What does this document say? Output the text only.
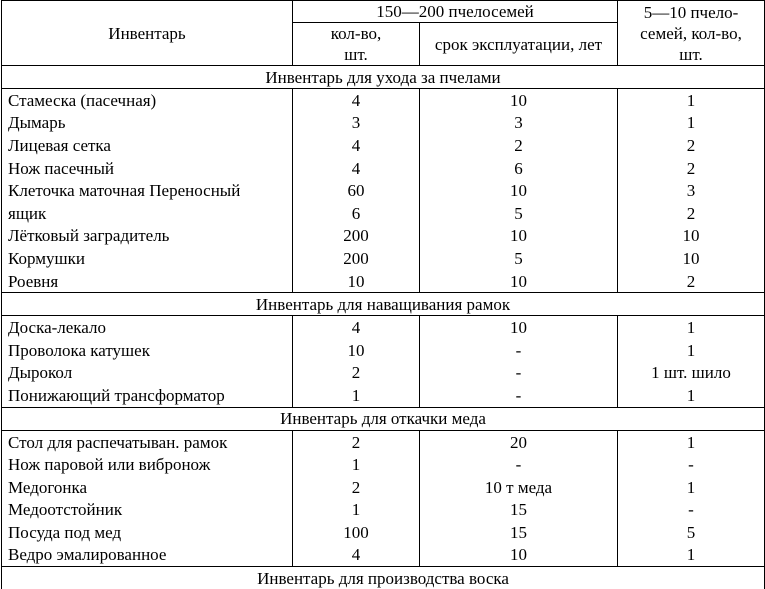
Инвентарь	150—200 пчелосемей		5—10 пчело-семей, кол-во, шт.
	кол-во, шт.	срок эксплуатации, лет	
Инвентарь для ухода за пчелами			
Стамеска (пасечная)	4	10	1
Дымарь	3	3	1
Лицевая сетка	4	2	2
Нож пасечный	4	6	2
Клеточка маточная Переносный	60	10	3
ящик	6	5	2
Лётковый заградитель	200	10	10
Кормушки	200	5	10
Роевня	10	10	2
Инвентарь для наващивания рамок			
Доска-лекало	4	10	1
Проволока катушек	10	-	1
Дырокол	2	-	1 шт. шило
Понижающий трансформатор	1	-	1
Инвентарь для откачки меда			
Стол для распечатыван. рамок	2	20	1
Нож паровой или вибронож	1	-	-
Медогонка	2	10 т меда	1
Медоотстойник	1	15	-
Посуда под мед	100	15	5
Ведро эмалированное	4	10	1
Инвентарь для производства воска			
